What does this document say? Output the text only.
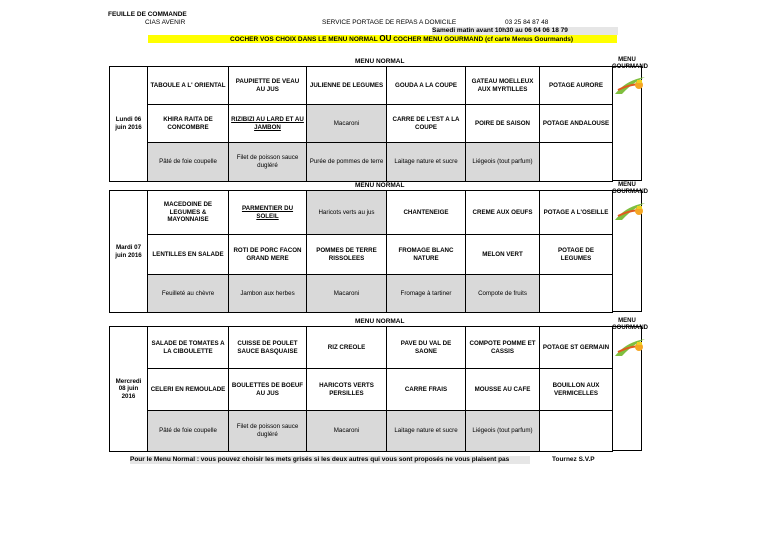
FEUILLE DE COMMANDE
CIAS AVENIR	SERVICE PORTAGE DE REPAS A DOMICILE	03 25 84 87 48
Samedi matin avant 10h30 au 06 04 06 18 79
COCHER VOS CHOIX DANS LE MENU NORMAL OU COCHER MENU GOURMAND (cf carte Menus Gourmands)
MENU NORMAL	MENU GOURMAND
Lundi 06 juin 2016	TABOULE A L' ORIENTAL	PAUPIETTE DE VEAU AU JUS	JULIENNE DE LEGUMES	GOUDA A LA COUPE	GATEAU MOELLEUX AUX MYRTILLES	POTAGE AURORE
	KHIRA RAITA DE CONCOMBRE	RIZIBIZI AU LARD ET AU JAMBON	Macaroni	CARRE DE L'EST A LA COUPE	POIRE DE SAISON	POTAGE ANDALOUSE
	Pâté de foie coupelle	Filet de poisson sauce dugléré	Purée de pommes de terre	Laitage nature et sucre	Liégeois (tout parfum)	
MENU NORMAL	MENU GOURMAND
Mardi 07 juin 2016	MACEDOINE DE LEGUMES & MAYONNAISE	PARMENTIER DU SOLEIL	Haricots verts au jus	CHANTENEIGE	CREME AUX OEUFS	POTAGE A L'OSEILLE
	LENTILLES EN SALADE	ROTI DE PORC FACON GRAND MERE	POMMES DE TERRE RISSOLEES	FROMAGE BLANC NATURE	MELON VERT	POTAGE DE LEGUMES
	Feuilleté au chèvre	Jambon aux herbes	Macaroni	Fromage à tartiner	Compote de fruits	
MENU NORMAL	MENU GOURMAND
Mercredi 08 juin 2016	SALADE DE TOMATES A LA CIBOULETTE	CUISSE DE POULET SAUCE BASQUAISE	RIZ CREOLE	PAVE DU VAL DE SAONE	COMPOTE POMME ET CASSIS	POTAGE ST GERMAIN
	CELERI EN REMOULADE	BOULETTES DE BOEUF AU JUS	HARICOTS VERTS PERSILLES	CARRE FRAIS	MOUSSE AU CAFE	BOUILLON AUX VERMICELLES
	Pâté de foie coupelle	Filet de poisson sauce dugléré	Macaroni	Laitage nature et sucre	Liégeois (tout parfum)	
Pour le Menu Normal : vous pouvez choisir les mets grisés si les deux autres qui vous sont proposés ne vous plaisent pas	Tournez S.V.P
